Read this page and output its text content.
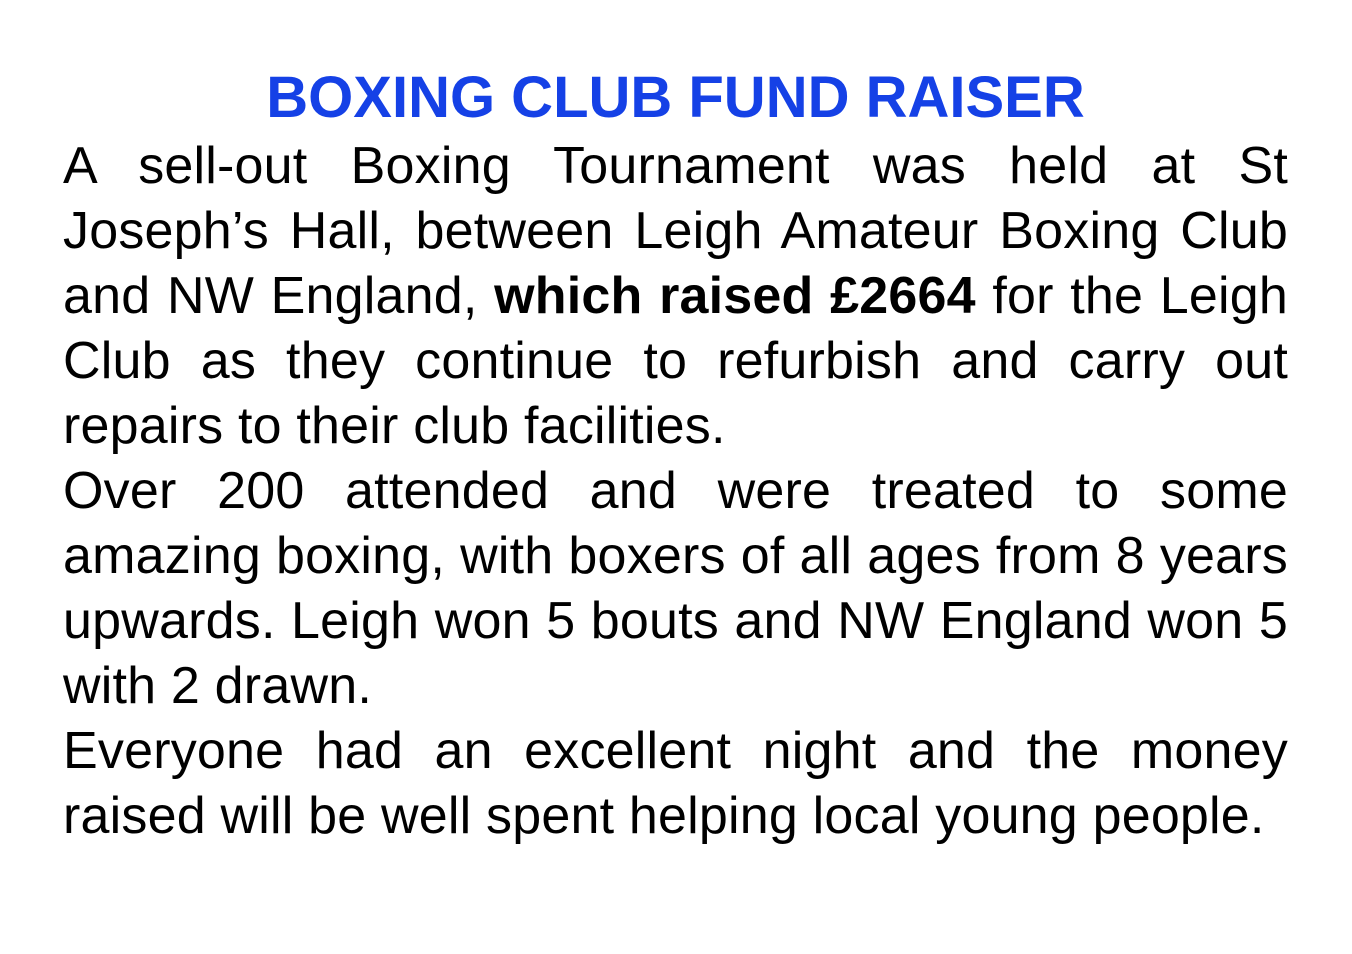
BOXING CLUB FUND RAISER

A sell-out Boxing Tournament was held at St Joseph’s Hall, between Leigh Amateur Boxing Club and NW England, which raised £2664 for the Leigh Club as they continue to refurbish and carry out repairs to their club facilities.

Over 200 attended and were treated to some amazing boxing, with boxers of all ages from 8 years upwards. Leigh won 5 bouts and NW England won 5 with 2 drawn.

Everyone had an excellent night and the money raised will be well spent helping local young people.
